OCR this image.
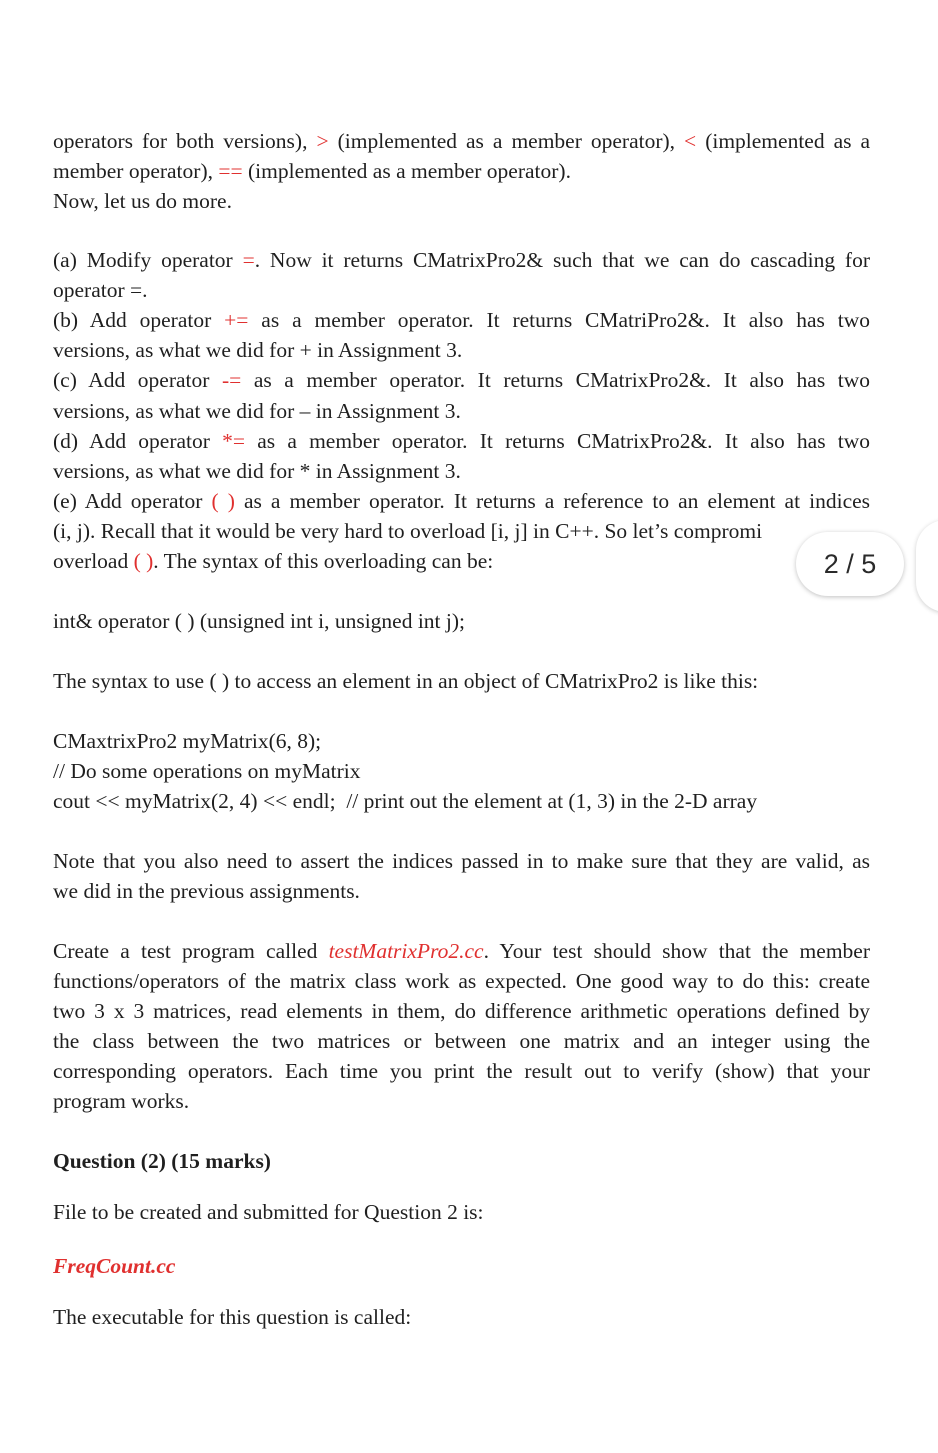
operators for both versions), > (implemented as a member operator), < (implemented as a
member operator), == (implemented as a member operator).
Now, let us do more.
(a) Modify operator =. Now it returns CMatrixPro2& such that we can do cascading for
operator =.
(b) Add operator += as a member operator. It returns CMatriPro2&. It also has two
versions, as what we did for + in Assignment 3.
(c) Add operator -= as a member operator. It returns CMatrixPro2&. It also has two
versions, as what we did for – in Assignment 3.
(d) Add operator *= as a member operator. It returns CMatrixPro2&. It also has two
versions, as what we did for * in Assignment 3.
(e) Add operator ( ) as a member operator. It returns a reference to an element at indices
(i, j). Recall that it would be very hard to overload [i, j] in C++. So let’s compromi
overload ( ). The syntax of this overloading can be:
int& operator ( ) (unsigned int i, unsigned int j);
The syntax to use ( ) to access an element in an object of CMatrixPro2 is like this:
CMaxtrixPro2 myMatrix(6, 8);
// Do some operations on myMatrix
cout << myMatrix(2, 4) << endl;  // print out the element at (1, 3) in the 2-D array
Note that you also need to assert the indices passed in to make sure that they are valid, as
we did in the previous assignments.
Create a test program called testMatrixPro2.cc. Your test should show that the member
functions/operators of the matrix class work as expected. One good way to do this: create
two 3 x 3 matrices, read elements in them, do difference arithmetic operations defined by
the class between the two matrices or between one matrix and an integer using the
corresponding operators. Each time you print the result out to verify (show) that your
program works.
Question (2) (15 marks)
File to be created and submitted for Question 2 is:
FreqCount.cc
The executable for this question is called:
2 / 5
